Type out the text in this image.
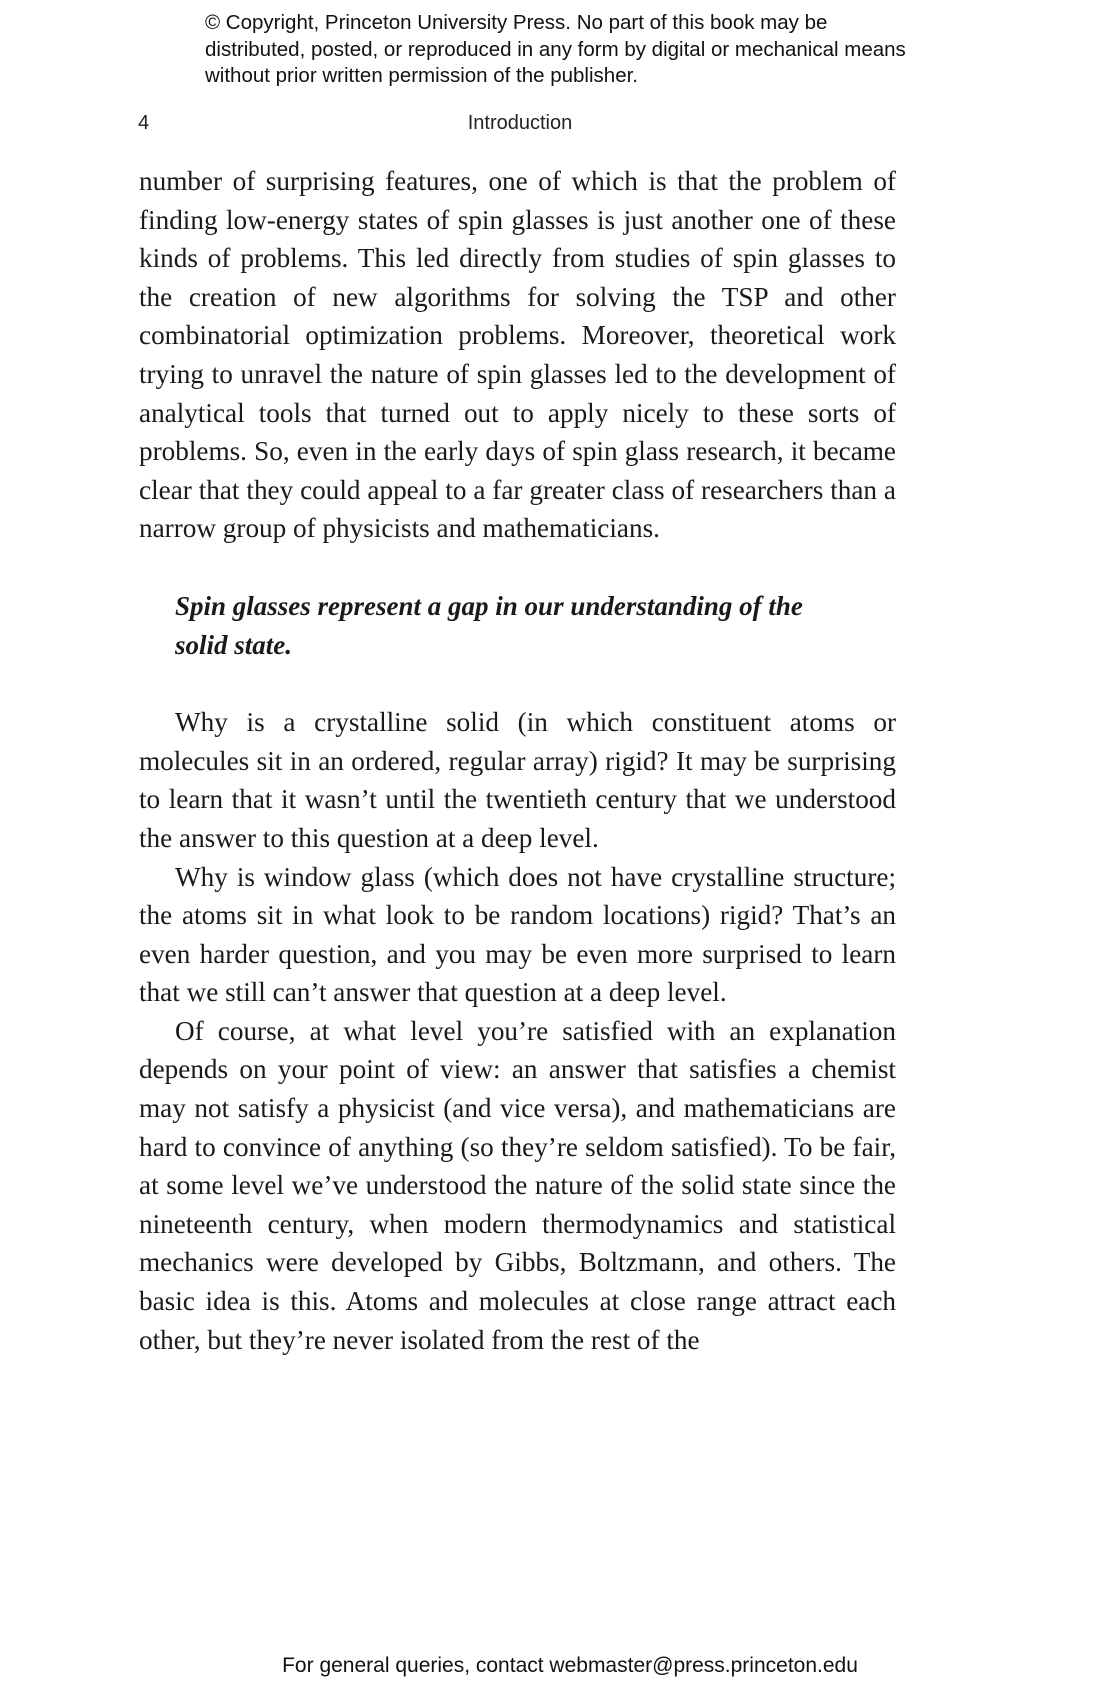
© Copyright, Princeton University Press. No part of this book may be distributed, posted, or reproduced in any form by digital or mechanical means without prior written permission of the publisher.
4	Introduction

number of surprising features, one of which is that the problem of finding low-energy states of spin glasses is just another one of these kinds of problems. This led directly from studies of spin glasses to the creation of new algorithms for solving the TSP and other combinatorial optimization problems. Moreover, theoretical work trying to unravel the nature of spin glasses led to the development of analytical tools that turned out to apply nicely to these sorts of problems. So, even in the early days of spin glass research, it became clear that they could appeal to a far greater class of researchers than a narrow group of physicists and mathematicians.

Spin glasses represent a gap in our understanding of the solid state.

Why is a crystalline solid (in which constituent atoms or molecules sit in an ordered, regular array) rigid? It may be surprising to learn that it wasn’t until the twentieth century that we understood the answer to this question at a deep level.

Why is window glass (which does not have crystalline structure; the atoms sit in what look to be random locations) rigid? That’s an even harder question, and you may be even more surprised to learn that we still can’t answer that question at a deep level.

Of course, at what level you’re satisfied with an explanation depends on your point of view: an answer that satisfies a chemist may not satisfy a physicist (and vice versa), and mathematicians are hard to convince of anything (so they’re seldom satisfied). To be fair, at some level we’ve understood the nature of the solid state since the nineteenth century, when modern thermodynamics and statistical mechanics were developed by Gibbs, Boltzmann, and others. The basic idea is this. Atoms and molecules at close range attract each other, but they’re never isolated from the rest of the

For general queries, contact webmaster@press.princeton.edu
